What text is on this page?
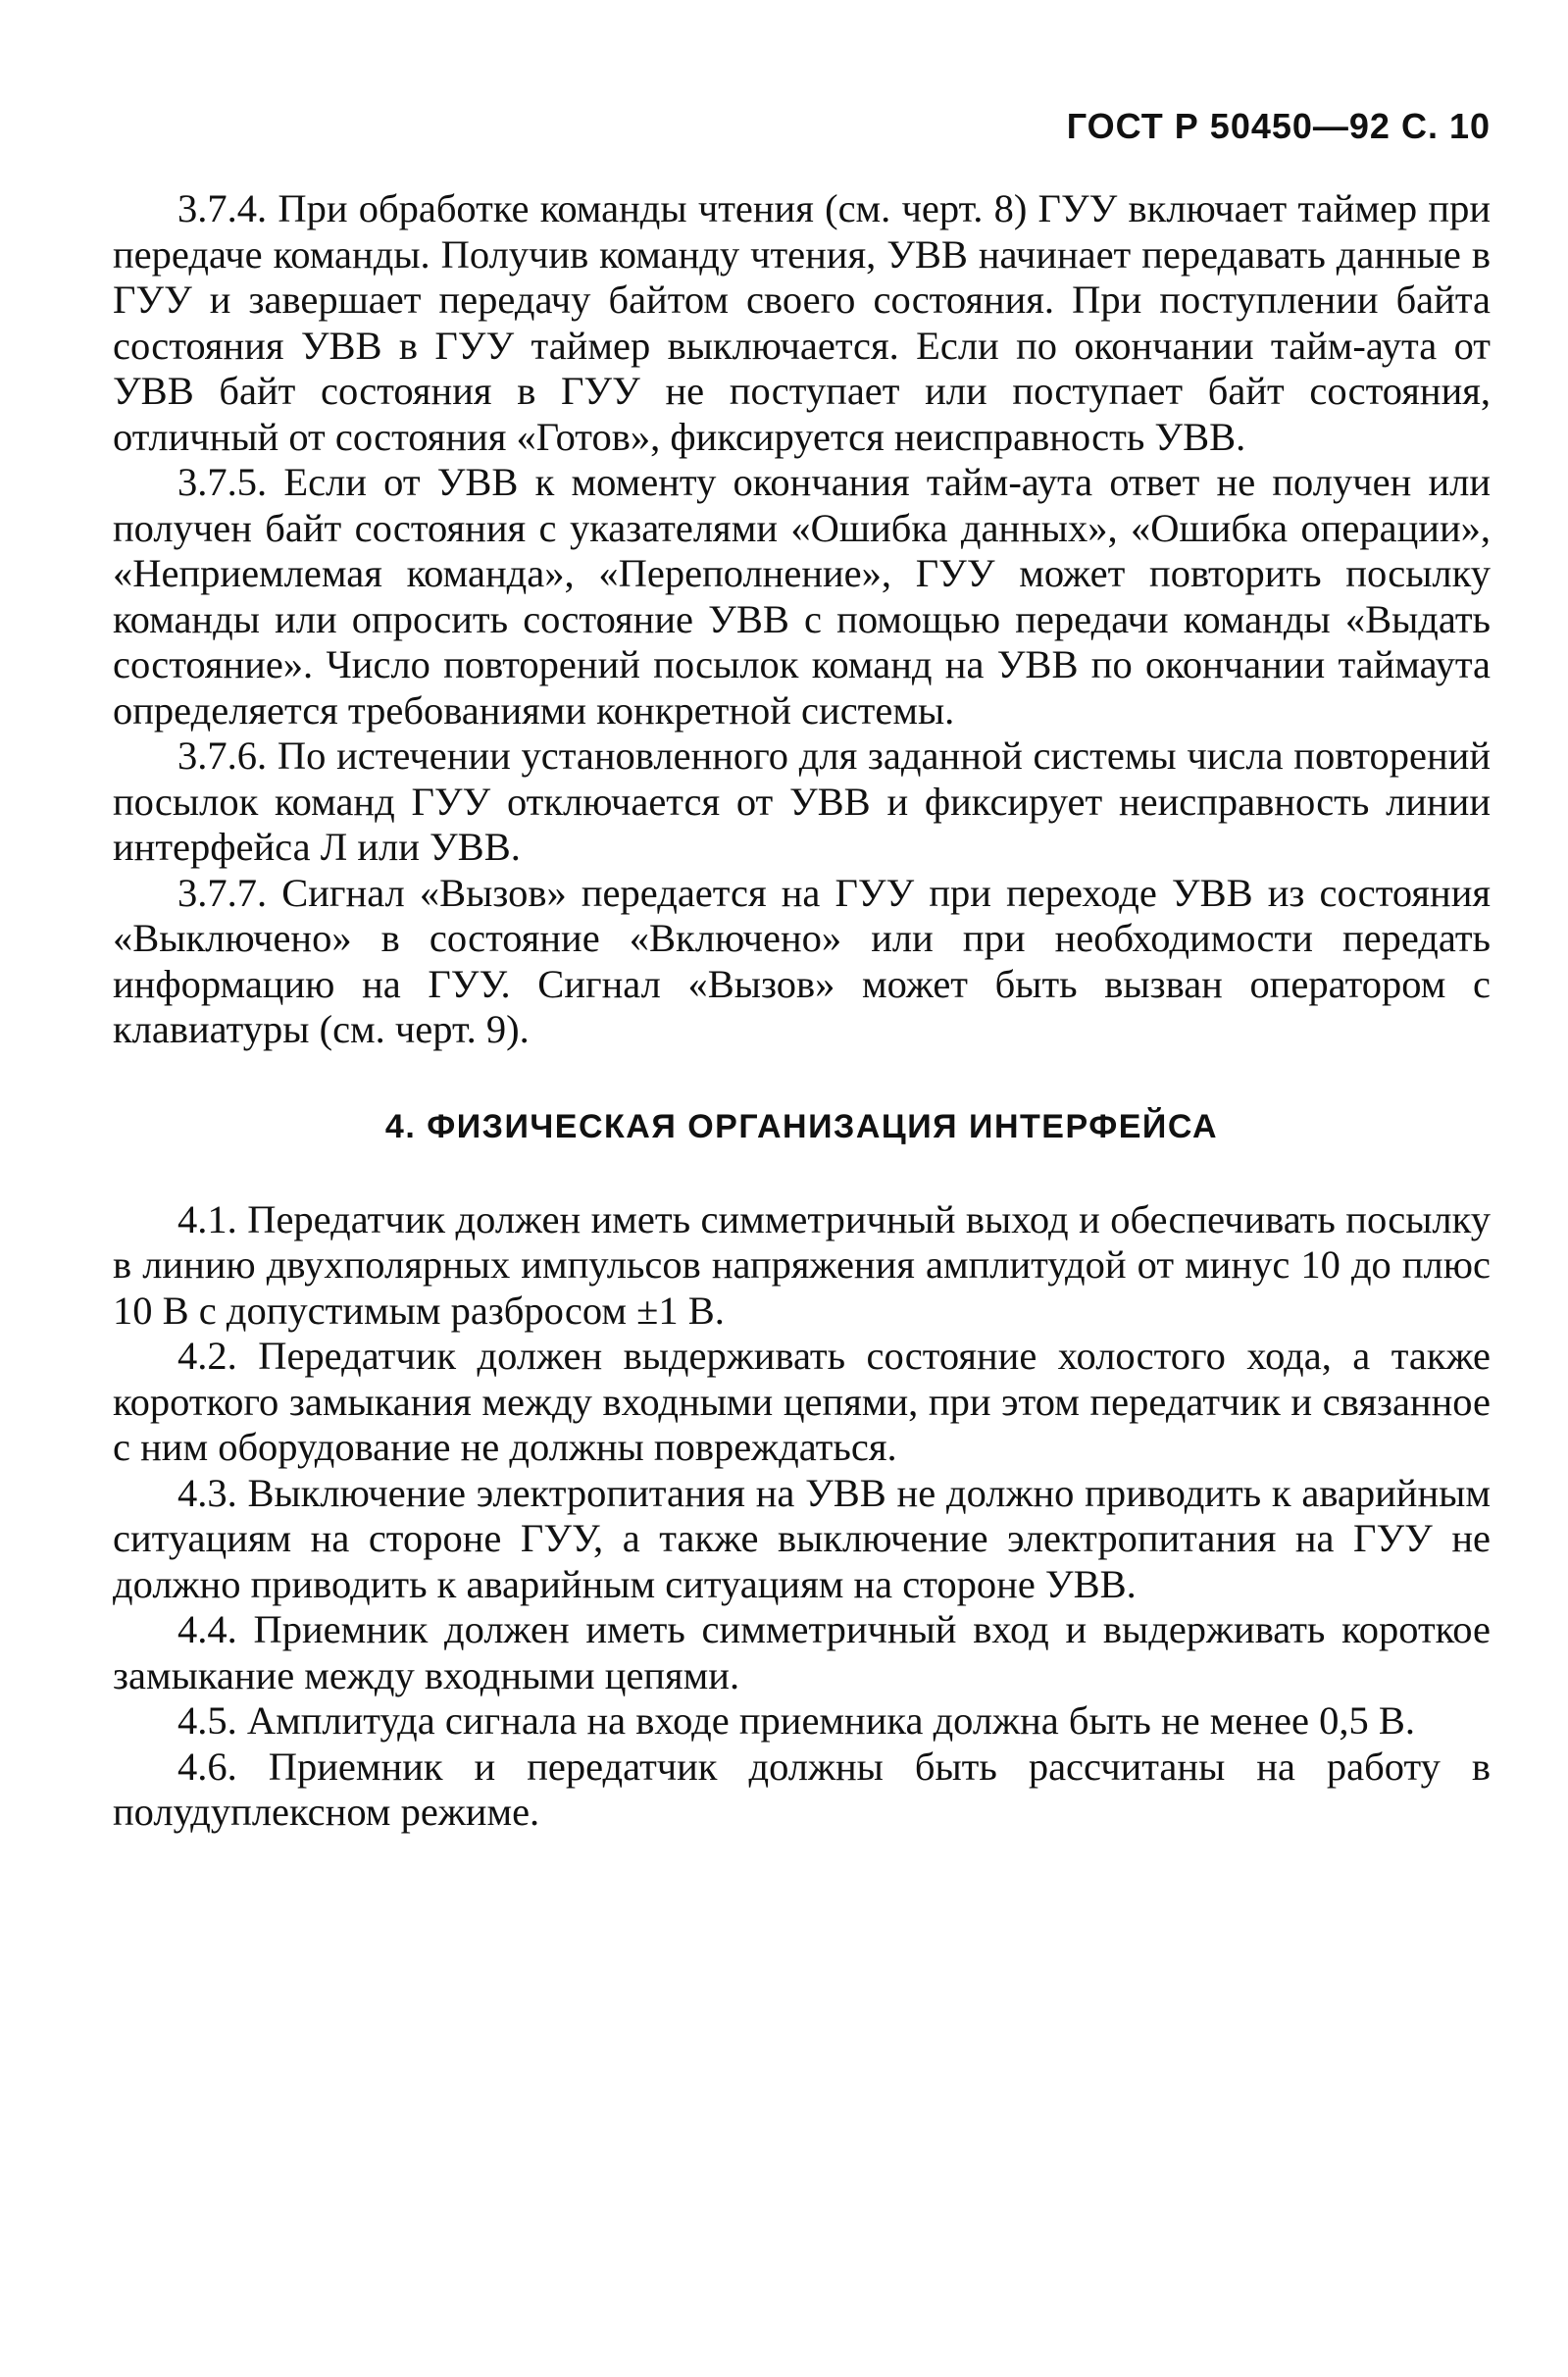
ГОСТ Р 50450—92 С. 10

3.7.4. При обработке команды чтения (см. черт. 8) ГУУ включает таймер при передаче команды. Получив команду чтения, УВВ начинает передавать данные в ГУУ и завершает передачу байтом своего состояния. При поступлении байта состояния УВВ в ГУУ таймер выключается. Если по окончании тайм-аута от УВВ байт состояния в ГУУ не поступает или поступает байт состояния, отличный от состояния «Готов», фиксируется неисправность УВВ.

3.7.5. Если от УВВ к моменту окончания тайм-аута ответ не получен или получен байт состояния с указателями «Ошибка данных», «Ошибка операции», «Неприемлемая команда», «Переполнение», ГУУ может повторить посылку команды или опросить состояние УВВ с помощью передачи команды «Выдать состояние». Число повторений посылок команд на УВВ по окончании таймаута определяется требованиями конкретной системы.

3.7.6. По истечении установленного для заданной системы числа повторений посылок команд ГУУ отключается от УВВ и фиксирует неисправность линии интерфейса Л или УВВ.

3.7.7. Сигнал «Вызов» передается на ГУУ при переходе УВВ из состояния «Выключено» в состояние «Включено» или при необходимости передать информацию на ГУУ. Сигнал «Вызов» может быть вызван оператором с клавиатуры (см. черт. 9).

4. ФИЗИЧЕСКАЯ ОРГАНИЗАЦИЯ ИНТЕРФЕЙСА

4.1. Передатчик должен иметь симметричный выход и обеспечивать посылку в линию двухполярных импульсов напряжения амплитудой от минус 10 до плюс 10 В с допустимым разбросом ±1 В.

4.2. Передатчик должен выдерживать состояние холостого хода, а также короткого замыкания между входными цепями, при этом передатчик и связанное с ним оборудование не должны повреждаться.

4.3. Выключение электропитания на УВВ не должно приводить к аварийным ситуациям на стороне ГУУ, а также выключение электропитания на ГУУ не должно приводить к аварийным ситуациям на стороне УВВ.

4.4. Приемник должен иметь симметричный вход и выдерживать короткое замыкание между входными цепями.

4.5. Амплитуда сигнала на входе приемника должна быть не менее 0,5 В.

4.6. Приемник и передатчик должны быть рассчитаны на работу в полудуплексном режиме.
